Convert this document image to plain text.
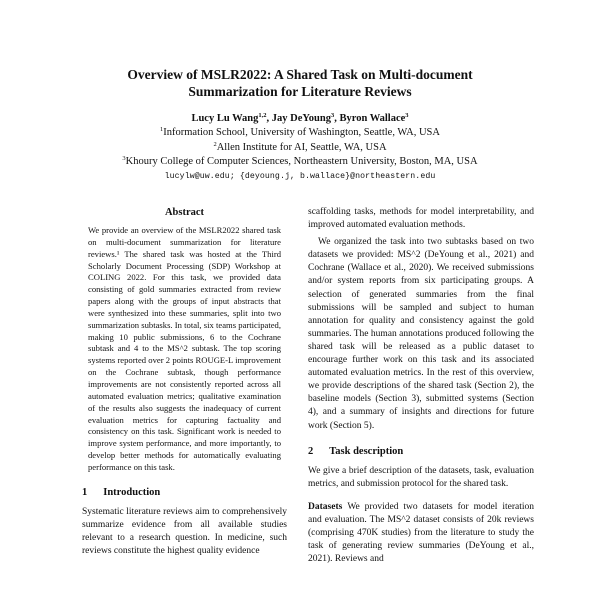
Overview of MSLR2022: A Shared Task on Multi-document
Summarization for Literature Reviews
Lucy Lu Wang$^{1,2}$, Jay DeYoung$^3$, Byron Wallace$^3$
$^1$Information School, University of Washington, Seattle, WA, USA
$^2$Allen Institute for AI, Seattle, WA, USA
$^3$Khoury College of Computer Sciences, Northeastern University, Boston, MA, USA
lucylw@uw.edu; {deyoung.j, b.wallace}@northeastern.edu
Abstract

We provide an overview of the MSLR2022 shared task on multi-document summarization for literature reviews.¹ The shared task was hosted at the Third Scholarly Document Processing (SDP) Workshop at COLING 2022. For this task, we provided data consisting of gold summaries extracted from review papers along with the groups of input abstracts that were synthesized into these summaries, split into two summarization subtasks. In total, six teams participated, making 10 public submissions, 6 to the Cochrane subtask and 4 to the MS^2 subtask. The top scoring systems reported over 2 points ROUGE-L improvement on the Cochrane subtask, though performance improvements are not consistently reported across all automated evaluation metrics; qualitative examination of the results also suggests the inadequacy of current evaluation metrics for capturing factuality and consistency on this task. Significant work is needed to improve system performance, and more importantly, to develop better methods for automatically evaluating performance on this task.

1 Introduction

Systematic literature reviews aim to comprehensively summarize evidence from all available studies relevant to a research question. In medicine, such reviews constitute the highest quality evidence

scaffolding tasks, methods for model interpretability, and improved automated evaluation methods.

We organized the task into two subtasks based on two datasets we provided: MS^2 (DeYoung et al., 2021) and Cochrane (Wallace et al., 2020). We received submissions and/or system reports from six participating groups. A selection of generated summaries from the final submissions will be sampled and subject to human annotation for quality and consistency against the gold summaries. The human annotations produced following the shared task will be released as a public dataset to encourage further work on this task and its associated automated evaluation metrics. In the rest of this overview, we provide descriptions of the shared task (Section 2), the baseline models (Section 3), submitted systems (Section 4), and a summary of insights and directions for future work (Section 5).

2 Task description

We give a brief description of the datasets, task, evaluation metrics, and submission protocol for the shared task.

Datasets We provided two datasets for model iteration and evaluation. The MS^2 dataset consists of 20k reviews (comprising 470K studies) from the literature to study the task of generating review summaries (DeYoung et al., 2021). Reviews and
